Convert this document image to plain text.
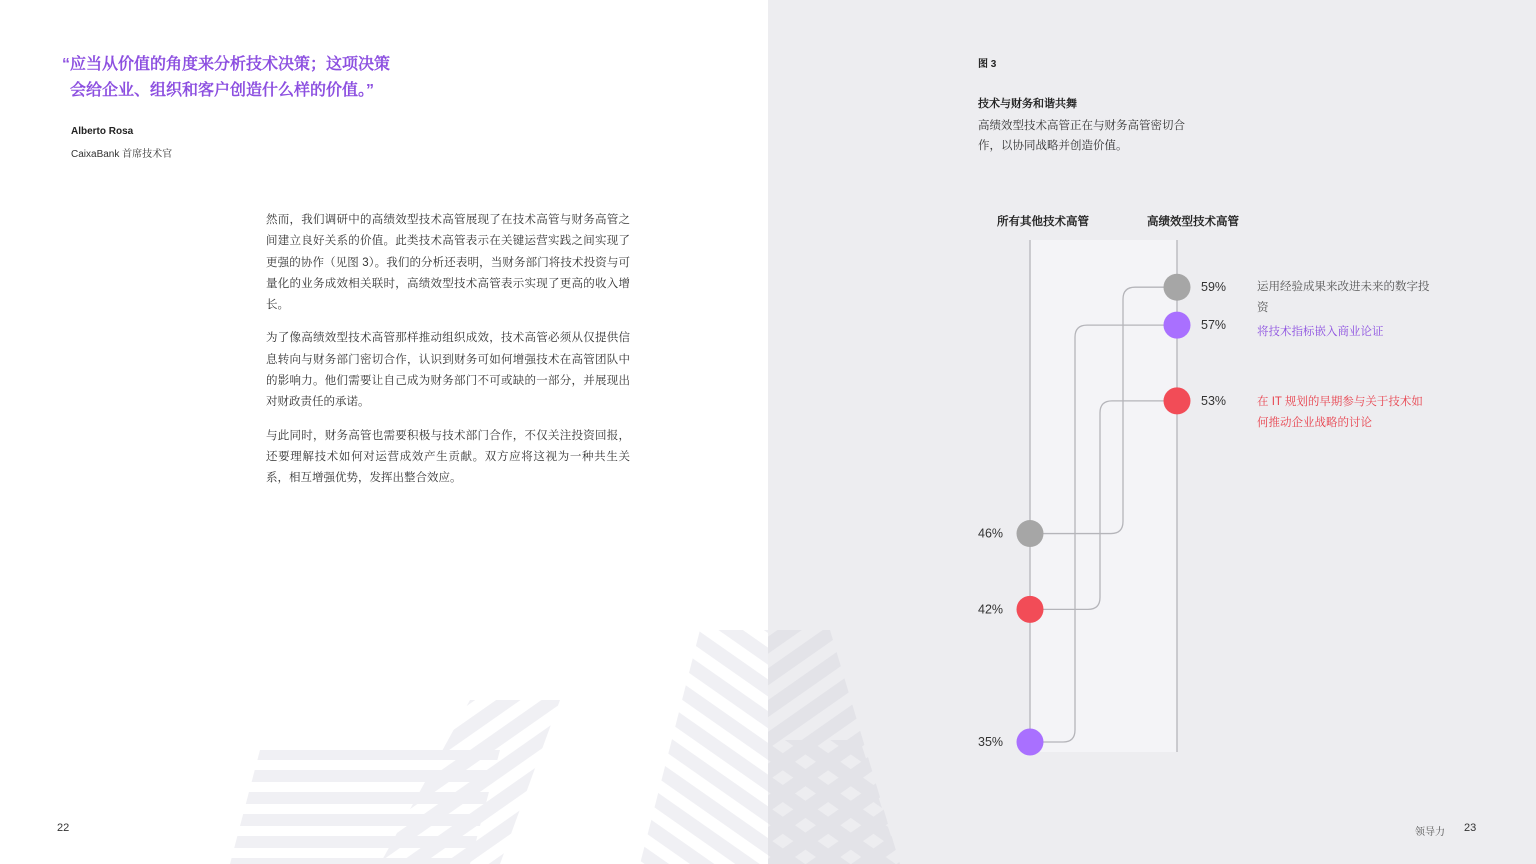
“应当从价值的角度来分析技术决策；这项决策
会给企业、组织和客户创造什么样的价值。”

Alberto Rosa
CaixaBank 首席技术官

然而，我们调研中的高绩效型技术高管展现了在技术高管与财务高管之间建立良好关系的价值。此类技术高管表示在关键运营实践之间实现了更强的协作（见图 3）。我们的分析还表明，当财务部门将技术投资与可量化的业务成效相关联时，高绩效型技术高管表示实现了更高的收入增长。

为了像高绩效型技术高管那样推动组织成效，技术高管必须从仅提供信息转向与财务部门密切合作，认识到财务可如何增强技术在高管团队中的影响力。他们需要让自己成为财务部门不可或缺的一部分，并展现出对财政责任的承诺。

与此同时，财务高管也需要积极与技术部门合作，不仅关注投资回报，还要理解技术如何对运营成效产生贡献。双方应将这视为一种共生关系，相互增强优势，发挥出整合效应。

22
图 3
技术与财务和谐共舞
高绩效型技术高管正在与财务高管密切合作，以协同战略并创造价值。
所有其他技术高管	高绩效型技术高管
46%
59%
35%
57%
42%
53%
运用经验成果来改进未来的数字投资
将技术指标嵌入商业论证
在 IT 规划的早期参与关于技术如何推动企业战略的讨论
领导力 23
